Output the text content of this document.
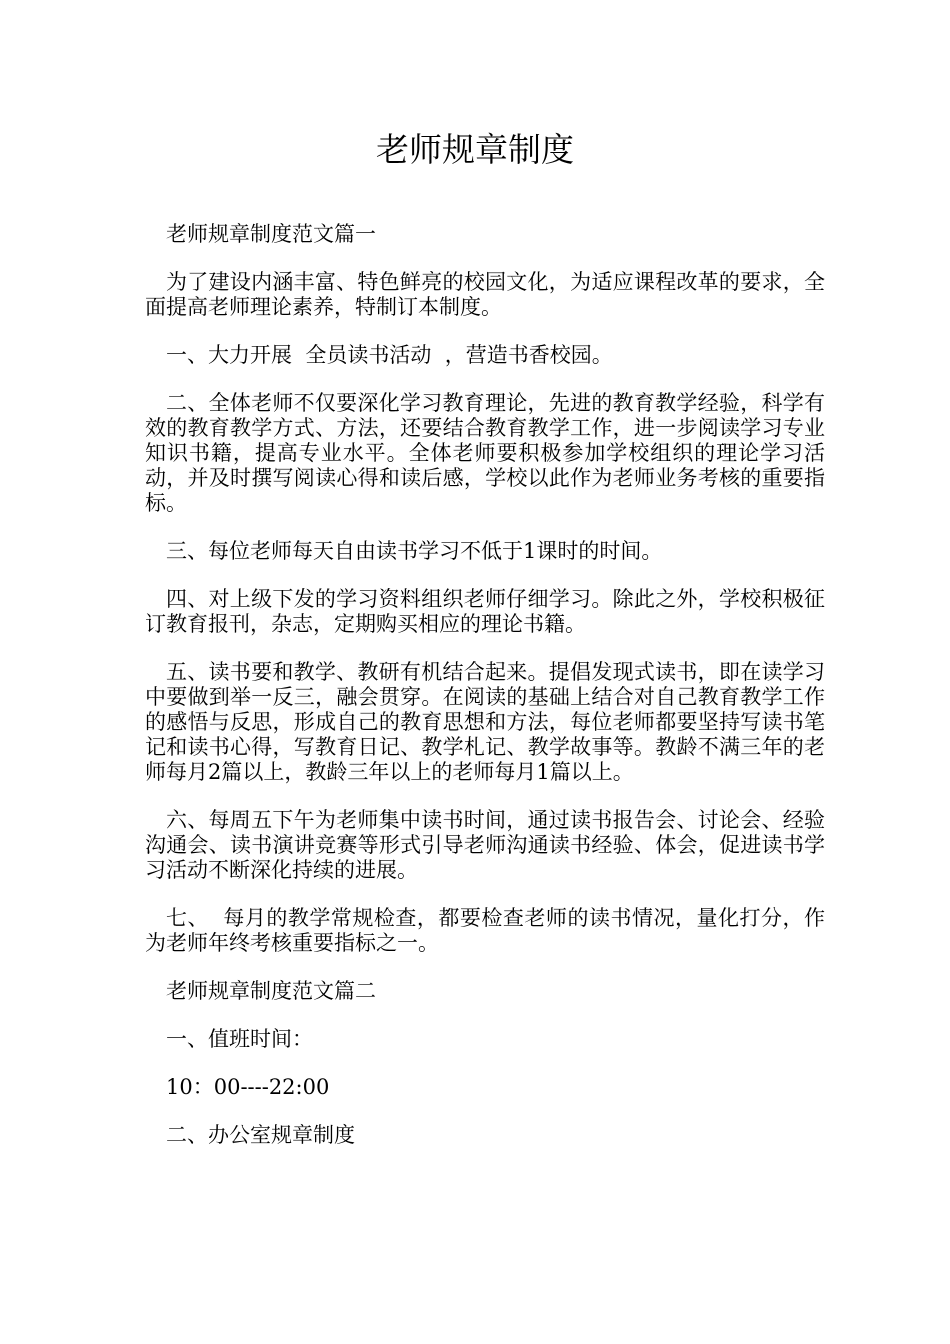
老师规章制度

老师规章制度范文篇一

为了建设内涵丰富、特色鲜亮的校园文化，为适应课程改革的要求，全面提高老师理论素养，特制订本制度。

一、大力开展  全员读书活动  ，营造书香校园。

二、全体老师不仅要深化学习教育理论，先进的教育教学经验，科学有效的教育教学方式、方法，还要结合教育教学工作，进一步阅读学习专业知识书籍，提高专业水平。全体老师要积极参加学校组织的理论学习活动，并及时撰写阅读心得和读后感，学校以此作为老师业务考核的重要指标。

三、每位老师每天自由读书学习不低于1课时的时间。

四、对上级下发的学习资料组织老师仔细学习。除此之外，学校积极征订教育报刊，杂志，定期购买相应的理论书籍。

五、读书要和教学、教研有机结合起来。提倡发现式读书，即在读学习中要做到举一反三，融会贯穿。在阅读的基础上结合对自己教育教学工作的感悟与反思，形成自己的教育思想和方法，每位老师都要坚持写读书笔记和读书心得，写教育日记、教学札记、教学故事等。教龄不满三年的老师每月2篇以上，教龄三年以上的老师每月1篇以上。

六、每周五下午为老师集中读书时间，通过读书报告会、讨论会、经验沟通会、读书演讲竞赛等形式引导老师沟通读书经验、体会，促进读书学习活动不断深化持续的进展。

七、  每月的教学常规检查，都要检查老师的读书情况，量化打分，作为老师年终考核重要指标之一。

老师规章制度范文篇二

一、值班时间：

10：00----22:00

二、办公室规章制度
